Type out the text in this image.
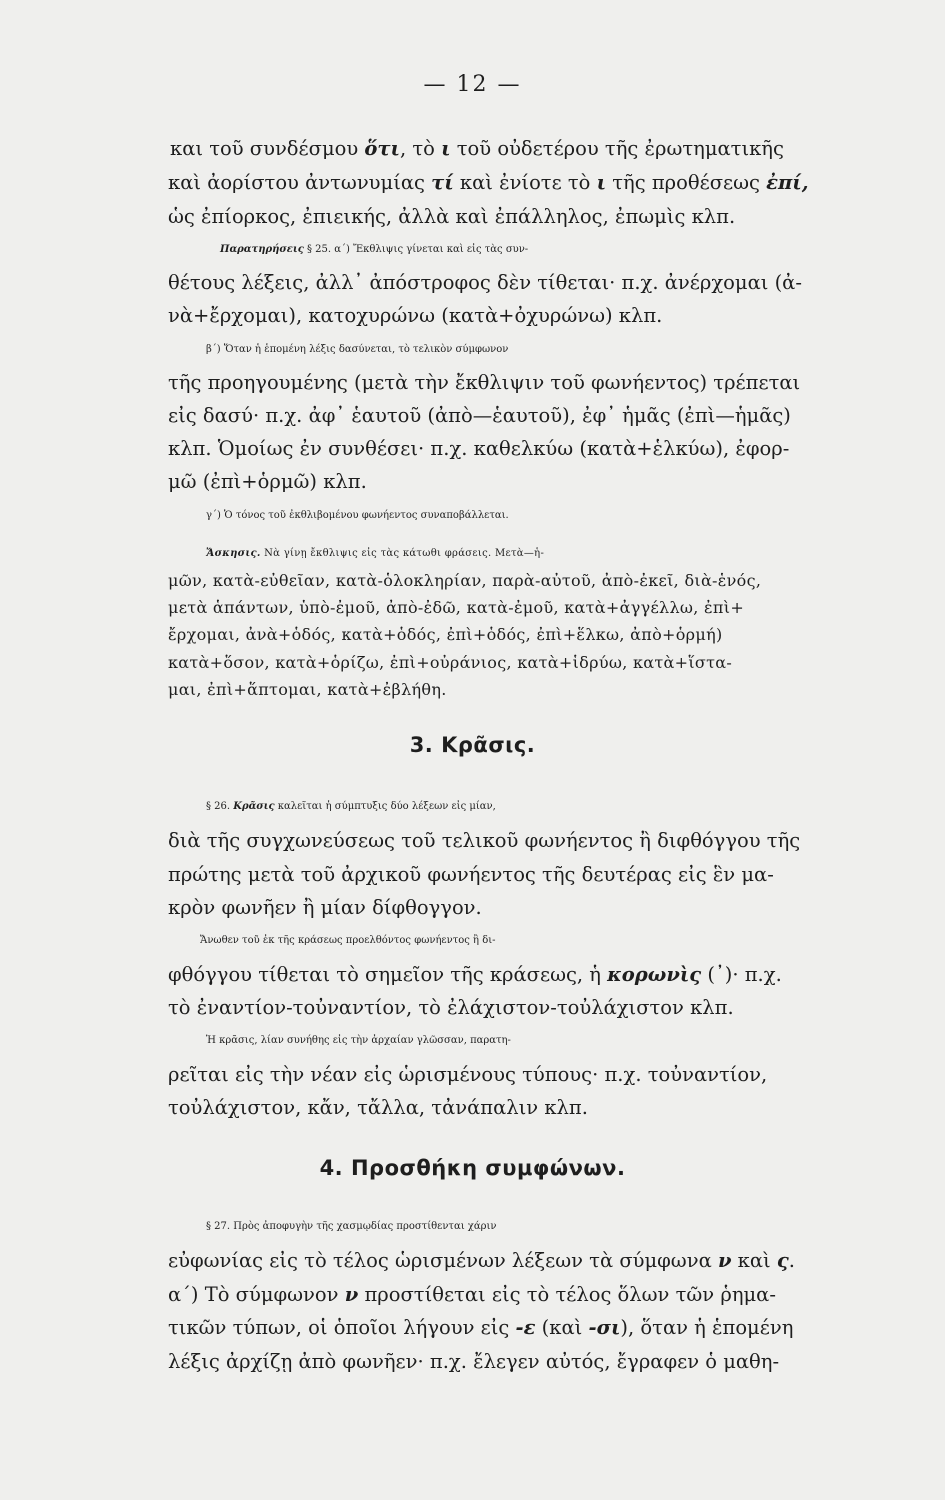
— 12 —
και τοῦ συνδέσμου ὅτι, τὸ ι τοῦ οὐδετέρου τῆς ἐρωτηματικῆς
καὶ ἀορίστου ἀντωνυμίας τί καὶ ἐνίοτε τὸ ι τῆς προθέσεως ἐπί,
ὡς ἐπίορκος, ἐπιεικής, ἀλλὰ καὶ ἐπάλληλος, ἐπωμὶς κλπ.
Παρατηρήσεις § 25. α΄) Ἔκθλιψις γίνεται καὶ εἰς τὰς συν-
θέτους λέξεις, ἀλλ᾿ ἀπόστροφος δὲν τίθεται· π.χ. ἀνέρχομαι (ἀ-
νὰ+ἔρχομαι), κατοχυρώνω (κατὰ+ὀχυρώνω) κλπ.
β΄) Ὅταν ἡ ἑπομένη λέξις δασύνεται, τὸ τελικὸν σύμφωνον
τῆς προηγουμένης (μετὰ τὴν ἔκθλιψιν τοῦ φωνήεντος) τρέπεται
εἰς δασύ· π.χ. ἀφ᾿ ἑαυτοῦ (ἀπὸ—ἑαυτοῦ), ἐφ᾿ ἡμᾶς (ἐπὶ—ἡμᾶς)
κλπ. Ὁμοίως ἐν συνθέσει· π.χ. καθελκύω (κατὰ+ἑλκύω), ἐφορ-
μῶ (ἐπὶ+ὁρμῶ) κλπ.
γ΄) Ὁ τόνος τοῦ ἐκθλιβομένου φωνήεντος συναποβάλλεται.
Ἄσκησις. Νὰ γίνῃ ἔκθλιψις εἰς τὰς κάτωθι φράσεις. Μετὰ—ἡ-
μῶν, κατὰ-εὐθεῖαν, κατὰ-ὁλοκληρίαν, παρὰ-αὐτοῦ, ἀπὸ-ἐκεῖ, διὰ-ἑνός,
μετὰ ἁπάντων, ὑπὸ-ἐμοῦ, ἀπὸ-ἐδῶ, κατὰ-ἐμοῦ, κατὰ+ἀγγέλλω, ἐπὶ+
ἔρχομαι, ἀνὰ+ὁδός, κατὰ+ὁδός, ἐπὶ+ὁδός, ἐπὶ+ἕλκω, ἀπὸ+ὁρμή)
κατὰ+ὅσον, κατὰ+ὁρίζω, ἐπὶ+οὐράνιος, κατὰ+ἱδρύω, κατὰ+ἵστα-
μαι, ἐπὶ+ἅπτομαι, κατὰ+ἐβλήθη.
3. Κρᾶσις.
§ 26. Κρᾶσις καλεῖται ἡ σύμπτυξις δύο λέξεων εἰς μίαν,
διὰ τῆς συγχωνεύσεως τοῦ τελικοῦ φωνήεντος ἢ διφθόγγου τῆς
πρώτης μετὰ τοῦ ἀρχικοῦ φωνήεντος τῆς δευτέρας εἰς ἓν μα-
κρὸν φωνῆεν ἢ μίαν δίφθογγον.
Ἄνωθεν τοῦ ἐκ τῆς κράσεως προελθόντος φωνήεντος ἢ δι-
φθόγγου τίθεται τὸ σημεῖον τῆς κράσεως, ἡ κορωνὶς (᾿)· π.χ.
τὸ ἐναντίον-τοὐναντίον, τὸ ἐλάχιστον-τοὐλάχιστον κλπ.
Ἡ κρᾶσις, λίαν συνήθης εἰς τὴν ἀρχαίαν γλῶσσαν, παρατη-
ρεῖται εἰς τὴν νέαν εἰς ὡρισμένους τύπους· π.χ. τοὐναντίον,
τοὐλάχιστον, κἄν, τἄλλα, τἀνάπαλιν κλπ.
4. Προσθήκη συμφώνων.
§ 27. Πρὸς ἀποφυγὴν τῆς χασμῳδίας προστίθενται χάριν
εὐφωνίας εἰς τὸ τέλος ὡρισμένων λέξεων τὰ σύμφωνα ν καὶ ς.
α΄) Τὸ σύμφωνον ν προστίθεται εἰς τὸ τέλος ὅλων τῶν ῥημα-
τικῶν τύπων, οἱ ὁποῖοι λήγουν εἰς -ε (καὶ -σι), ὅταν ἡ ἑπομένη
λέξις ἀρχίζῃ ἀπὸ φωνῆεν· π.χ. ἔλεγεν αὐτός, ἔγραφεν ὁ μαθη-
